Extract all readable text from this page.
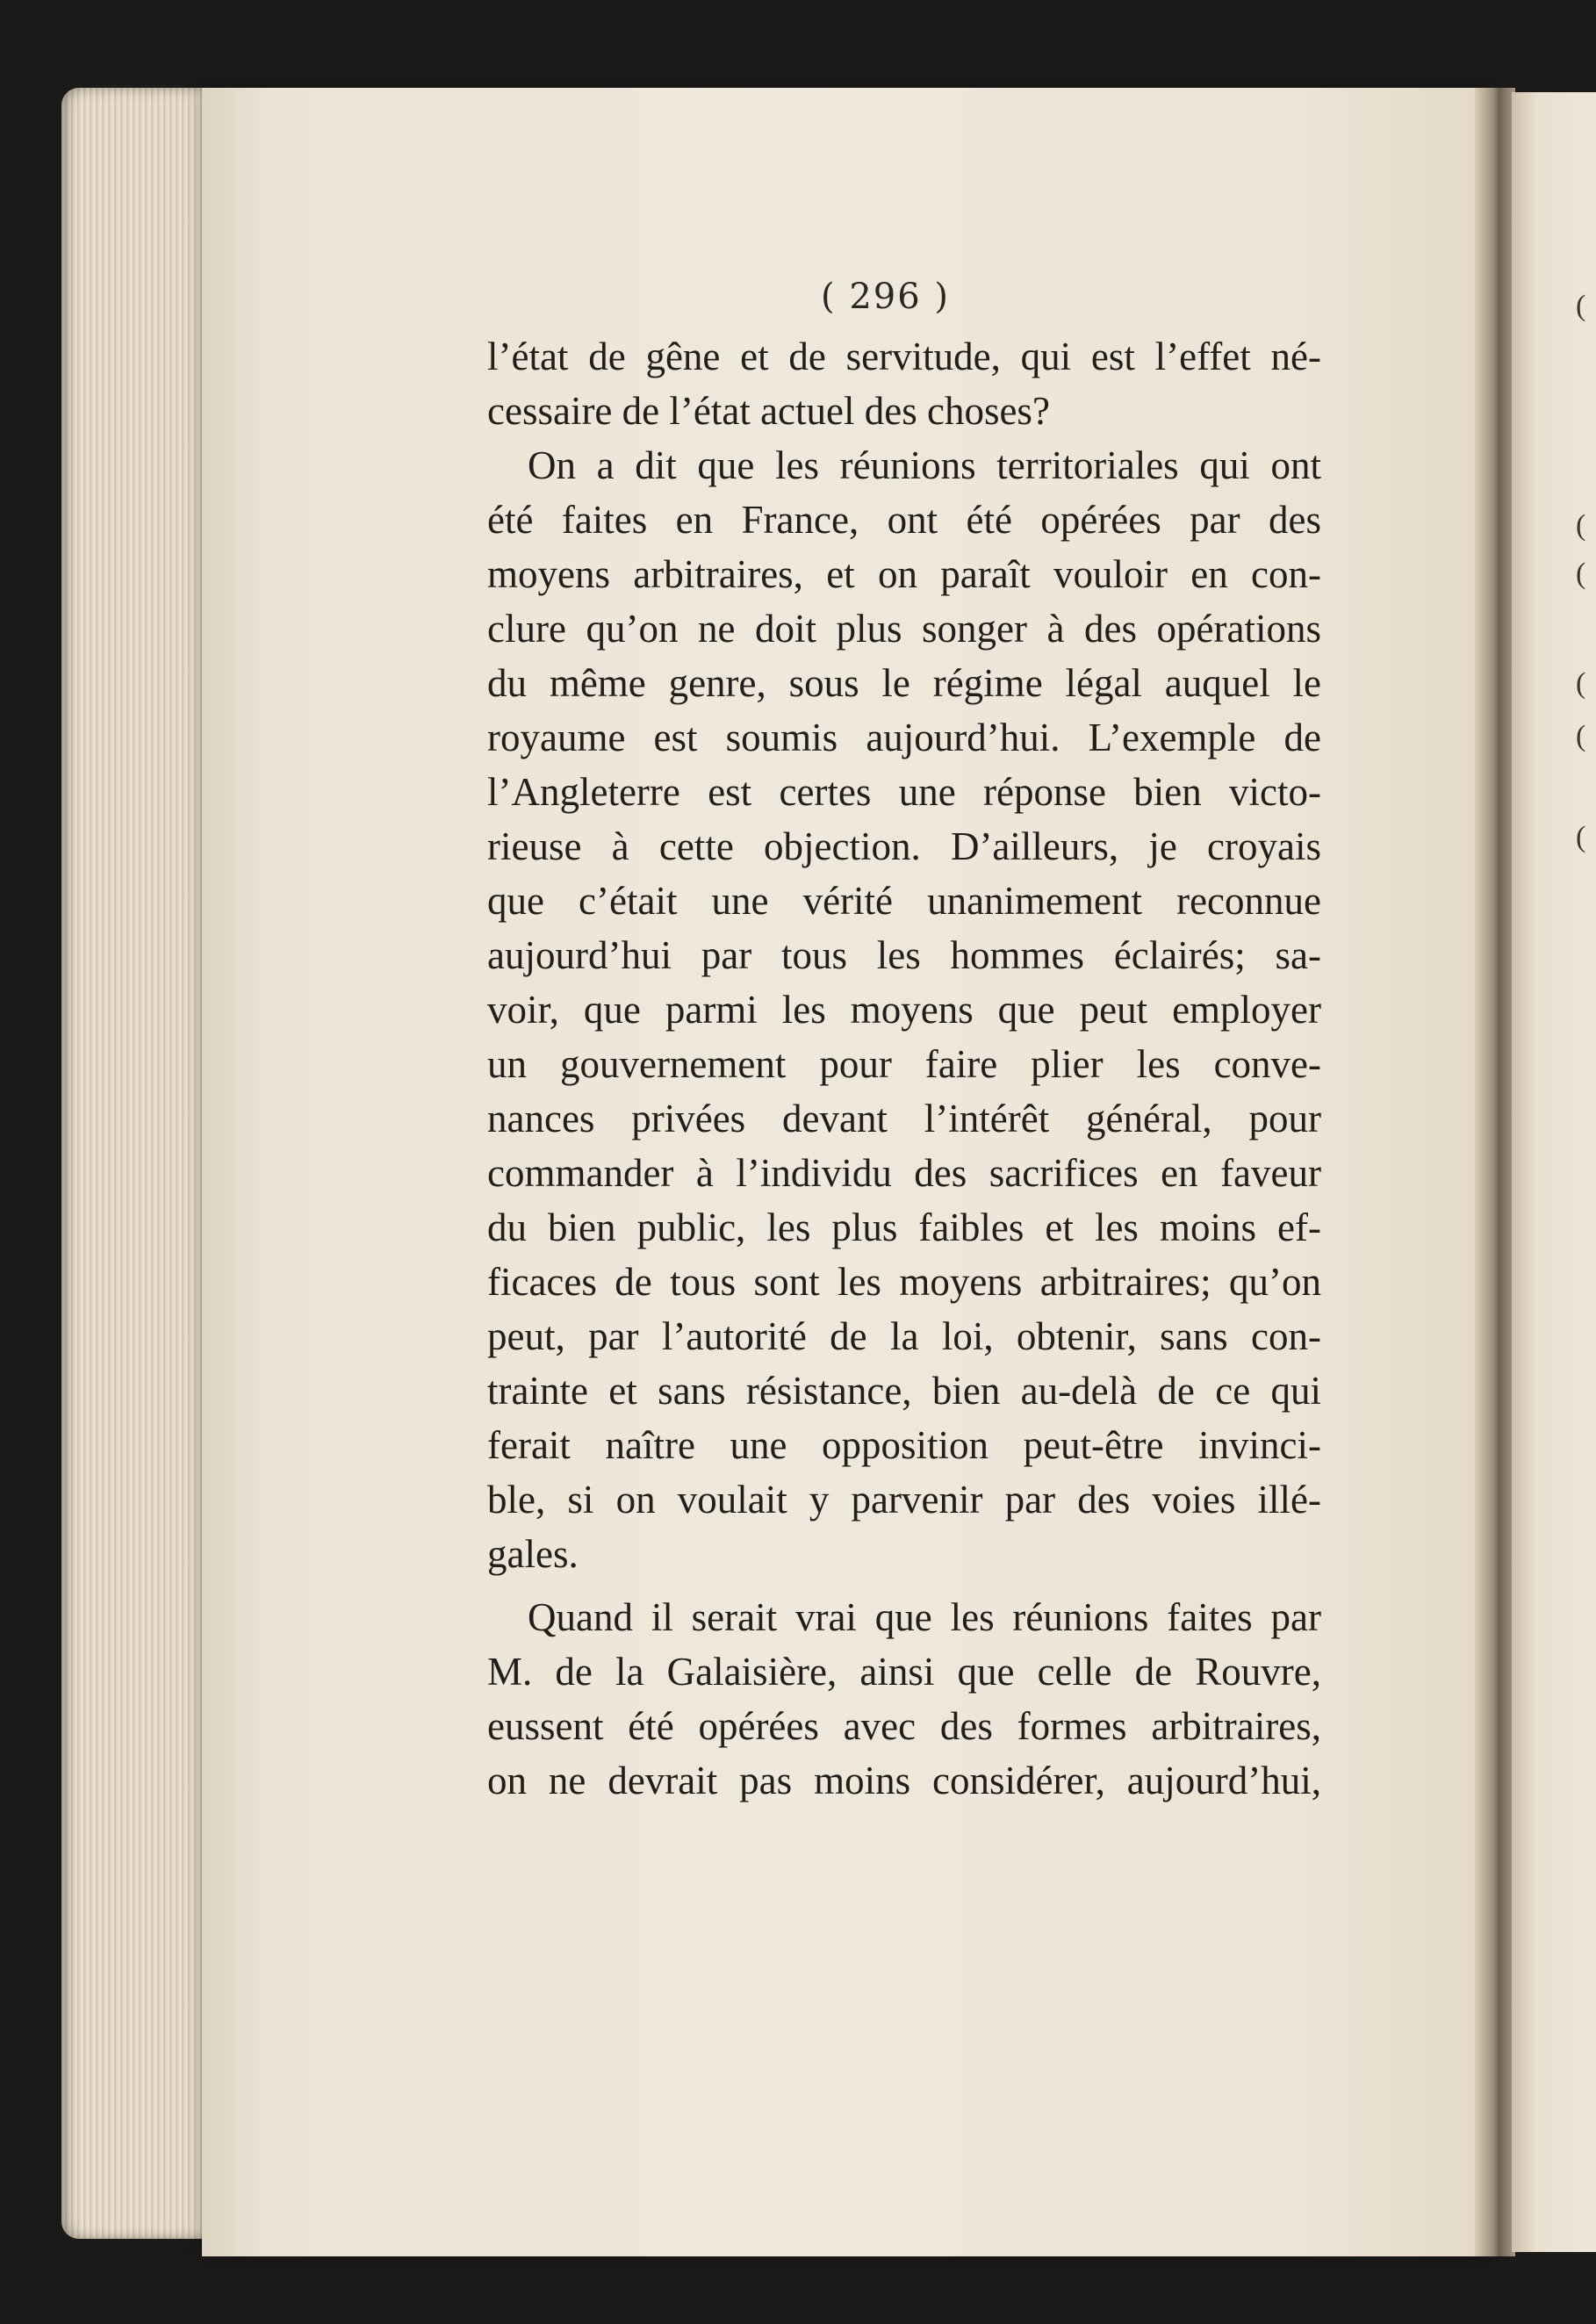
( 296 )
l’état de gêne et de servitude, qui est l’effet né-
cessaire de l’état actuel des choses?
On a dit que les réunions territoriales qui ont
été faites en France, ont été opérées par des
moyens arbitraires, et on paraît vouloir en con-
clure qu’on ne doit plus songer à des opérations
du même genre, sous le régime légal auquel le
royaume est soumis aujourd’hui. L’exemple de
l’Angleterre est certes une réponse bien victo-
rieuse à cette objection. D’ailleurs, je croyais
que c’était une vérité unanimement reconnue
aujourd’hui par tous les hommes éclairés; sa-
voir, que parmi les moyens que peut employer
un gouvernement pour faire plier les conve-
nances privées devant l’intérêt général, pour
commander à l’individu des sacrifices en faveur
du bien public, les plus faibles et les moins ef-
ficaces de tous sont les moyens arbitraires; qu’on
peut, par l’autorité de la loi, obtenir, sans con-
trainte et sans résistance, bien au-delà de ce qui
ferait naître une opposition peut-être invinci-
ble, si on voulait y parvenir par des voies illé-
gales.
Quand il serait vrai que les réunions faites par
M. de la Galaisière, ainsi que celle de Rouvre,
eussent été opérées avec des formes arbitraires,
on ne devrait pas moins considérer, aujourd’hui,
(
(
(
(
(
(
